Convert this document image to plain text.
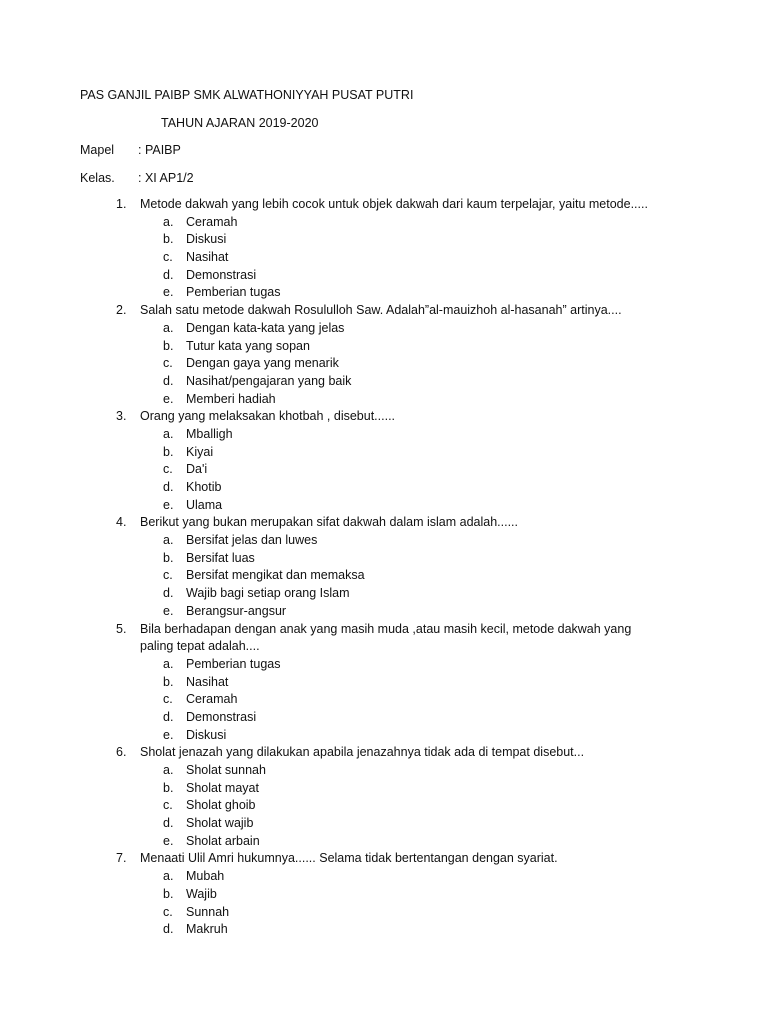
PAS GANJIL PAIBP SMK ALWATHONIYYAH PUSAT PUTRI
TAHUN AJARAN 2019-2020
Mapel : PAIBP
Kelas. : XI AP1/2
1.	Metode dakwah yang lebih cocok untuk objek dakwah dari kaum terpelajar, yaitu metode.....
a. Ceramah
b. Diskusi
c. Nasihat
d. Demonstrasi
e. Pemberian tugas
2.	Salah satu metode dakwah Rosululloh Saw. Adalah”al-mauizhoh al-hasanah” artinya....
a. Dengan kata-kata yang jelas
b. Tutur kata yang sopan
c. Dengan gaya yang menarik
d. Nasihat/pengajaran yang baik
e. Memberi hadiah
3.	Orang yang melaksakan khotbah , disebut......
a. Mballigh
b. Kiyai
c. Da'i
d. Khotib
e. Ulama
4.	Berikut yang bukan merupakan sifat dakwah dalam islam adalah......
a. Bersifat jelas dan luwes
b. Bersifat luas
c. Bersifat mengikat dan memaksa
d. Wajib bagi setiap orang Islam
e. Berangsur-angsur
5.	Bila berhadapan dengan anak yang masih muda ,atau masih kecil, metode dakwah yang
paling tepat adalah....
a. Pemberian tugas
b. Nasihat
c. Ceramah
d. Demonstrasi
e. Diskusi
6.	Sholat jenazah yang dilakukan apabila jenazahnya tidak ada di tempat disebut...
a. Sholat sunnah
b. Sholat mayat
c. Sholat ghoib
d. Sholat wajib
e. Sholat arbain
7.	Menaati Ulil Amri hukumnya...... Selama tidak bertentangan dengan syariat.
a. Mubah
b. Wajib
c. Sunnah
d. Makruh
